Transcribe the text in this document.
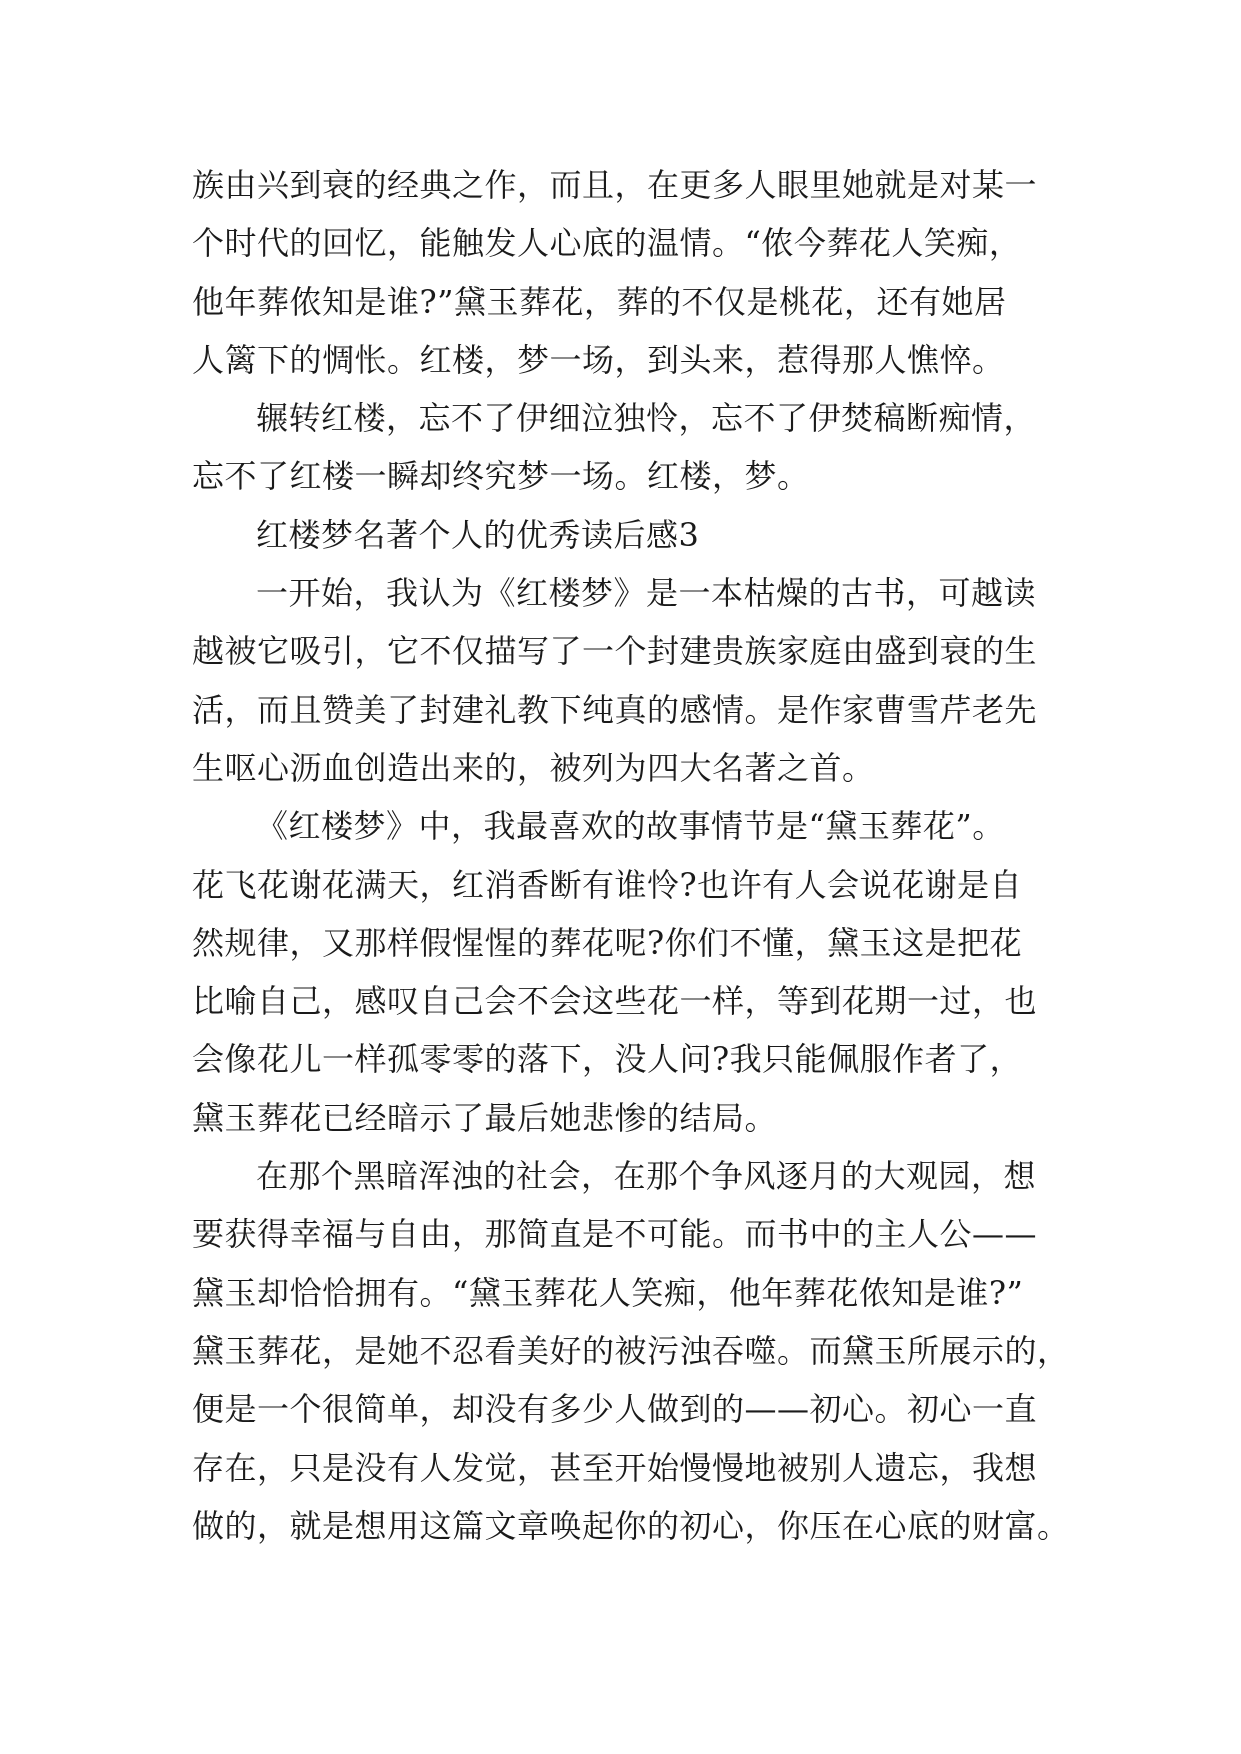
族由兴到衰的经典之作，而且，在更多人眼里她就是对某一
个时代的回忆，能触发人心底的温情。“侬今葬花人笑痴，
他年葬侬知是谁?”黛玉葬花，葬的不仅是桃花，还有她居
人篱下的惆怅。红楼，梦一场，到头来，惹得那人憔悴。
辗转红楼，忘不了伊细泣独怜，忘不了伊焚稿断痴情，
忘不了红楼一瞬却终究梦一场。红楼，梦。
红楼梦名著个人的优秀读后感3
一开始，我认为《红楼梦》是一本枯燥的古书，可越读
越被它吸引，它不仅描写了一个封建贵族家庭由盛到衰的生
活，而且赞美了封建礼教下纯真的感情。是作家曹雪芹老先
生呕心沥血创造出来的，被列为四大名著之首。
《红楼梦》中，我最喜欢的故事情节是“黛玉葬花”。
花飞花谢花满天，红消香断有谁怜?也许有人会说花谢是自
然规律，又那样假惺惺的葬花呢?你们不懂，黛玉这是把花
比喻自己，感叹自己会不会这些花一样，等到花期一过，也
会像花儿一样孤零零的落下，没人问?我只能佩服作者了，
黛玉葬花已经暗示了最后她悲惨的结局。
在那个黑暗浑浊的社会，在那个争风逐月的大观园，想
要获得幸福与自由，那简直是不可能。而书中的主人公——
黛玉却恰恰拥有。“黛玉葬花人笑痴，他年葬花侬知是谁?”
黛玉葬花，是她不忍看美好的被污浊吞噬。而黛玉所展示的，
便是一个很简单，却没有多少人做到的——初心。初心一直
存在，只是没有人发觉，甚至开始慢慢地被别人遗忘，我想
做的，就是想用这篇文章唤起你的初心，你压在心底的财富。
